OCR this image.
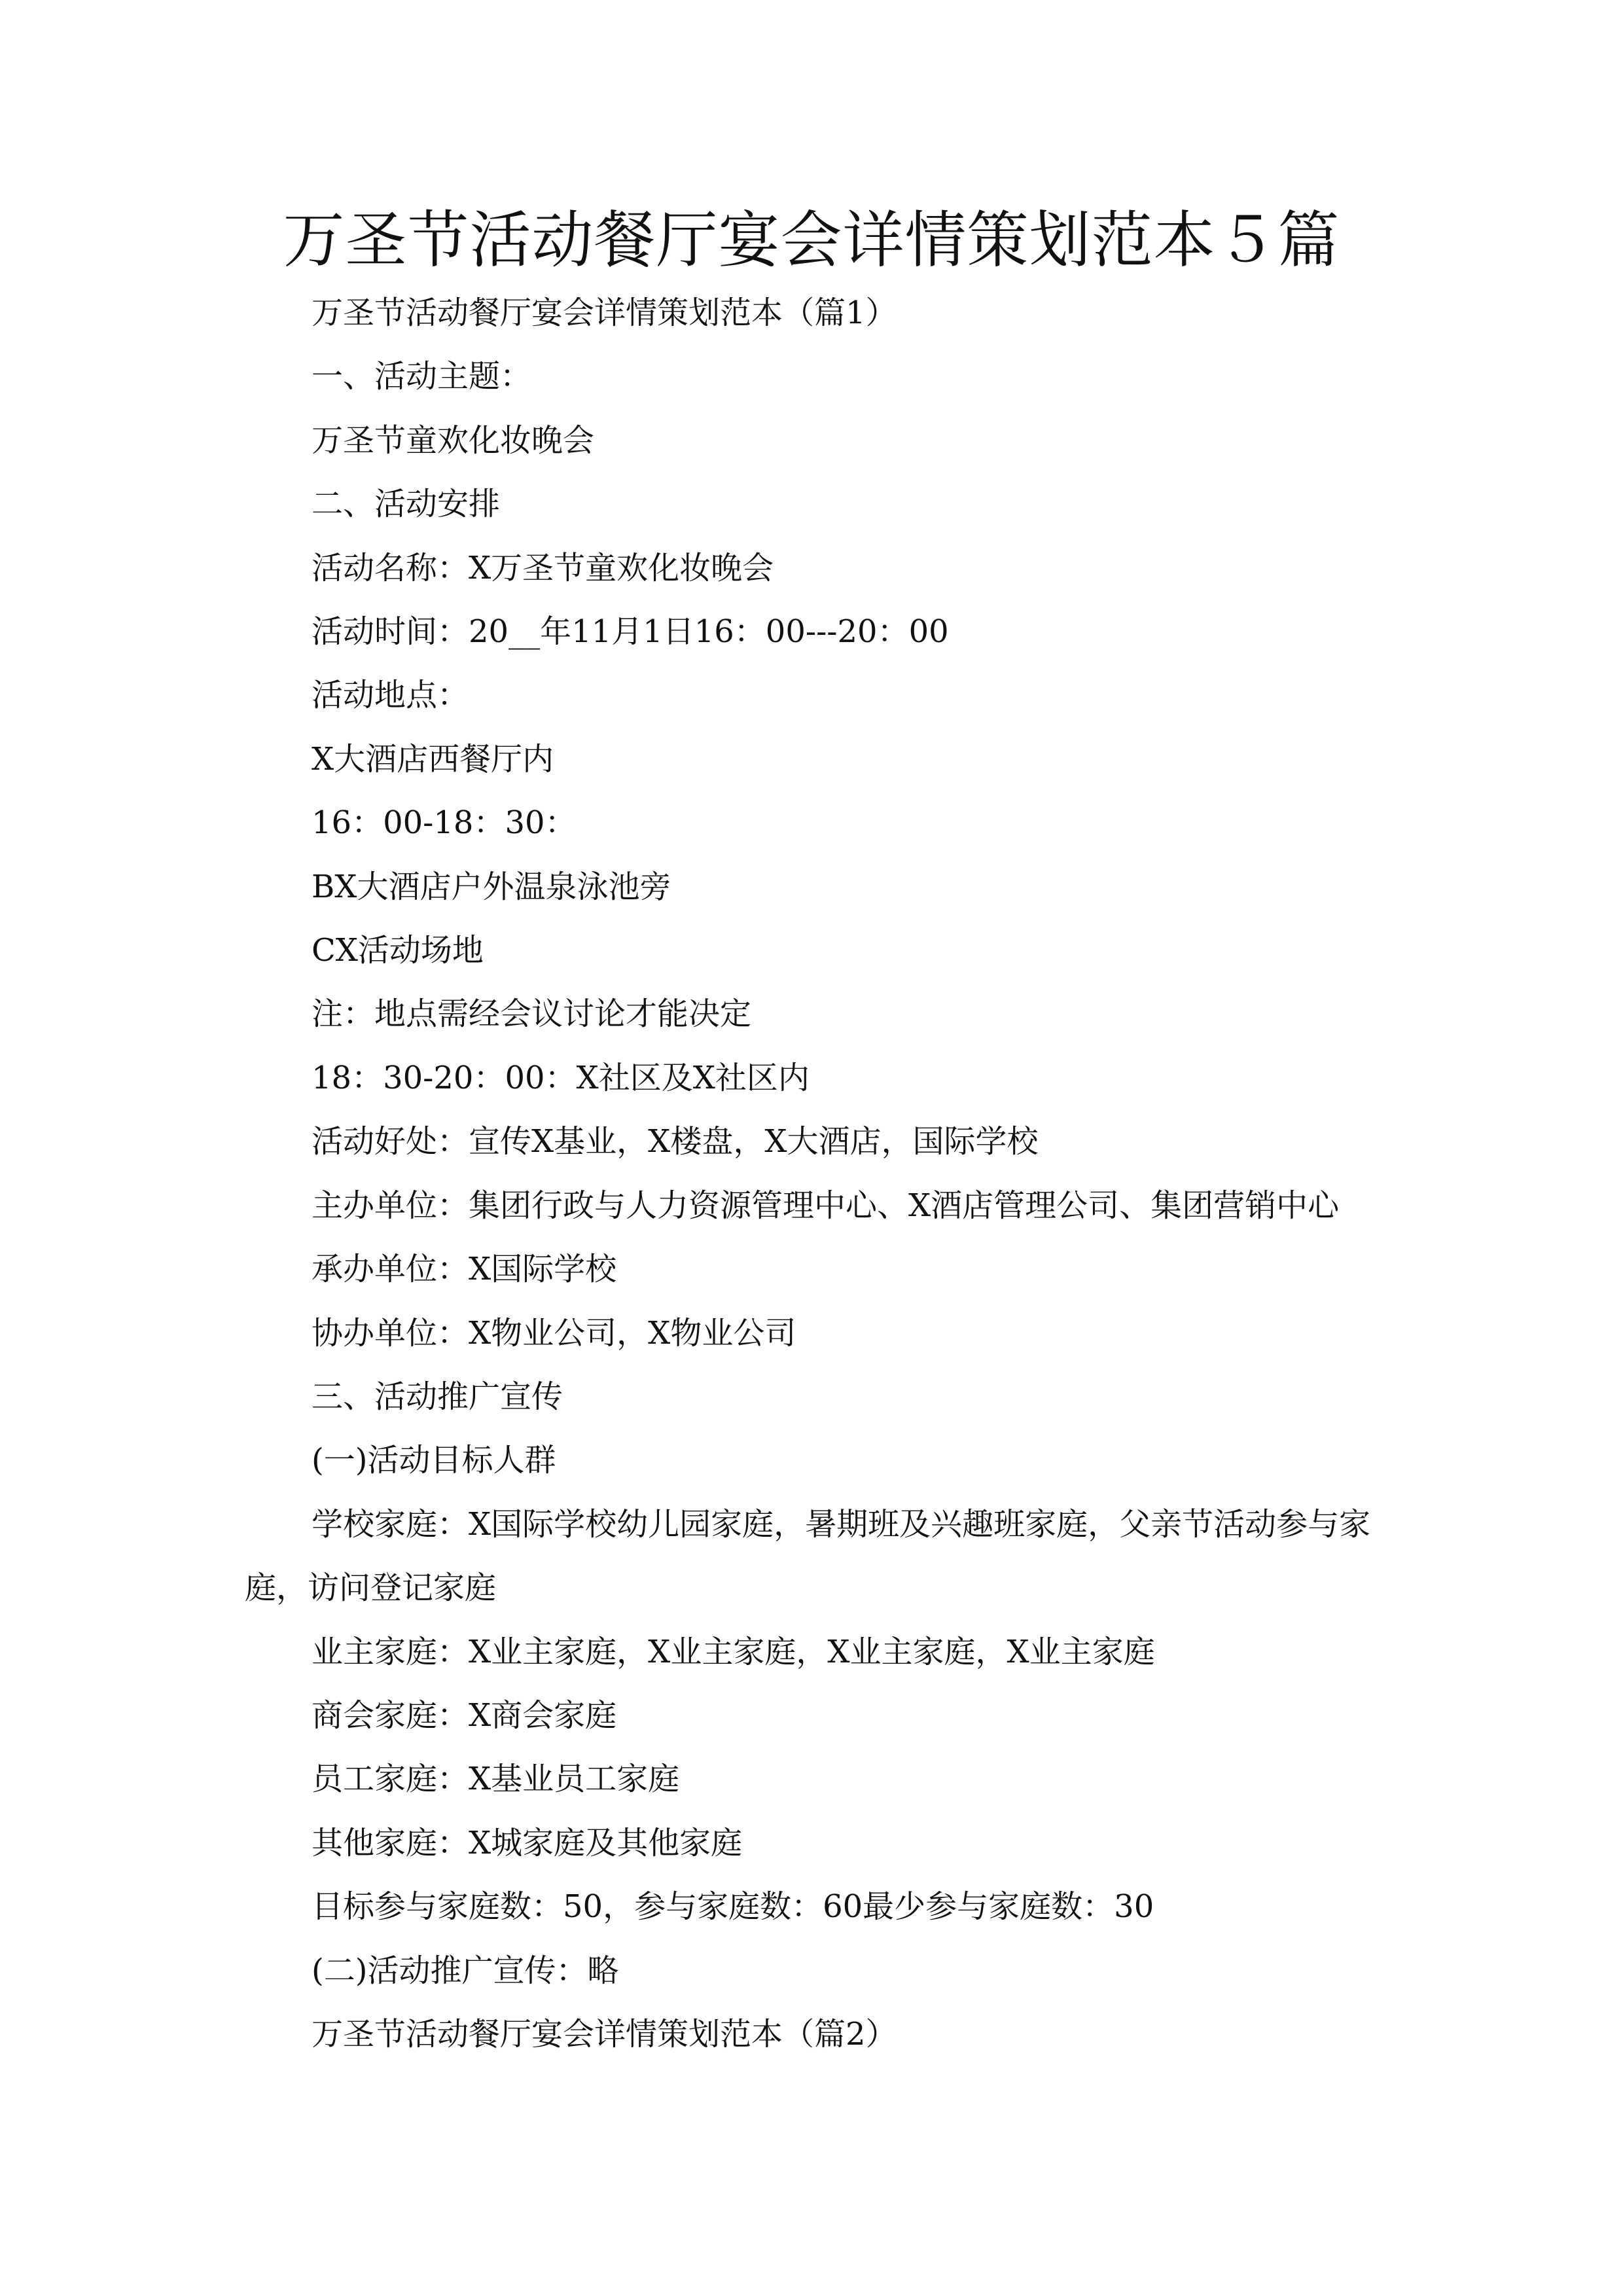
万圣节活动餐厅宴会详情策划范本５篇
万圣节活动餐厅宴会详情策划范本（篇1）
一、活动主题：
万圣节童欢化妆晚会
二、活动安排
活动名称：X万圣节童欢化妆晚会
活动时间：20__年11月1日16：00---20：00
活动地点：
X大酒店西餐厅内
16：00-18：30：
BX大酒店户外温泉泳池旁
CX活动场地
注：地点需经会议讨论才能决定
18：30-20：00：X社区及X社区内
活动好处：宣传X基业，X楼盘，X大酒店，国际学校
主办单位：集团行政与人力资源管理中心、X酒店管理公司、集团营销中心
承办单位：X国际学校
协办单位：X物业公司，X物业公司
三、活动推广宣传
(一)活动目标人群
学校家庭：X国际学校幼儿园家庭，暑期班及兴趣班家庭，父亲节活动参与家庭，访问登记家庭
业主家庭：X业主家庭，X业主家庭，X业主家庭，X业主家庭
商会家庭：X商会家庭
员工家庭：X基业员工家庭
其他家庭：X城家庭及其他家庭
目标参与家庭数：50，参与家庭数：60最少参与家庭数：30
(二)活动推广宣传：略
万圣节活动餐厅宴会详情策划范本（篇2）
